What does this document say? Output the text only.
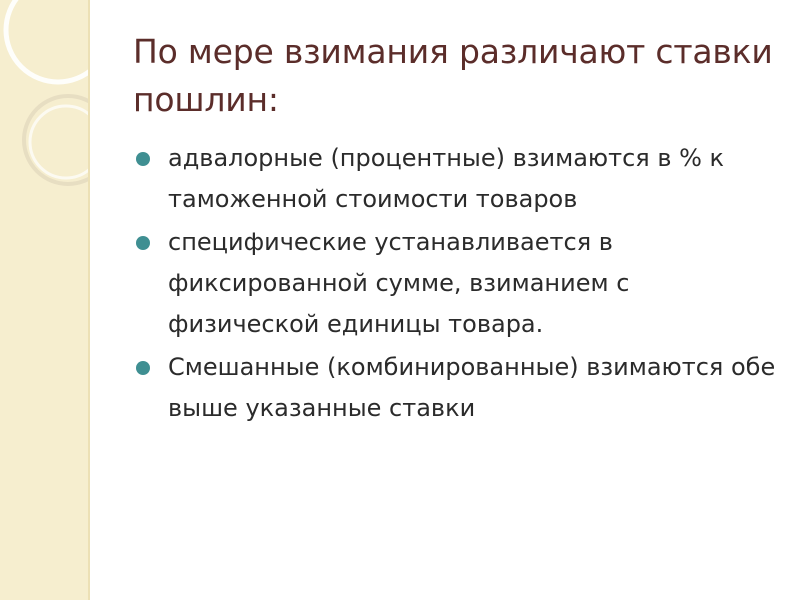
По мере взимания различают ставки пошлин:
адвалорные (процентные) взимаются в % к таможенной стоимости товаров
специфические устанавливается в фиксированной сумме, взиманием с физической единицы товара.
Смешанные (комбинированные) взимаются обе выше указанные ставки
